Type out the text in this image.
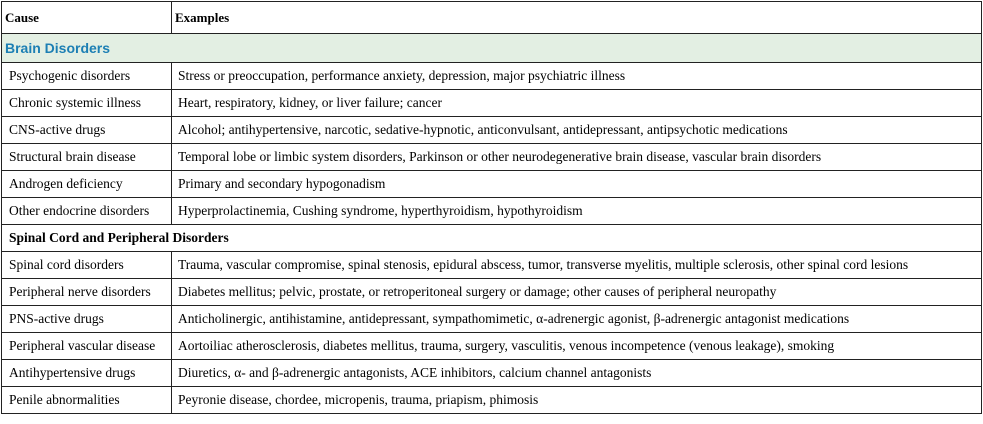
Cause	Examples
Brain Disorders	
Psychogenic disorders	Stress or preoccupation, performance anxiety, depression, major psychiatric illness
Chronic systemic illness	Heart, respiratory, kidney, or liver failure; cancer
CNS-active drugs	Alcohol; antihypertensive, narcotic, sedative-hypnotic, anticonvulsant, antidepressant, antipsychotic medications
Structural brain disease	Temporal lobe or limbic system disorders, Parkinson or other neurodegenerative brain disease, vascular brain disorders
Androgen deficiency	Primary and secondary hypogonadism
Other endocrine disorders	Hyperprolactinemia, Cushing syndrome, hyperthyroidism, hypothyroidism
Spinal Cord and Peripheral Disorders	
Spinal cord disorders	Trauma, vascular compromise, spinal stenosis, epidural abscess, tumor, transverse myelitis, multiple sclerosis, other spinal cord lesions
Peripheral nerve disorders	Diabetes mellitus; pelvic, prostate, or retroperitoneal surgery or damage; other causes of peripheral neuropathy
PNS-active drugs	Anticholinergic, antihistamine, antidepressant, sympathomimetic, α-adrenergic agonist, β-adrenergic antagonist medications
Peripheral vascular disease	Aortoiliac atherosclerosis, diabetes mellitus, trauma, surgery, vasculitis, venous incompetence (venous leakage), smoking
Antihypertensive drugs	Diuretics, α- and β-adrenergic antagonists, ACE inhibitors, calcium channel antagonists
Penile abnormalities	Peyronie disease, chordee, micropenis, trauma, priapism, phimosis
